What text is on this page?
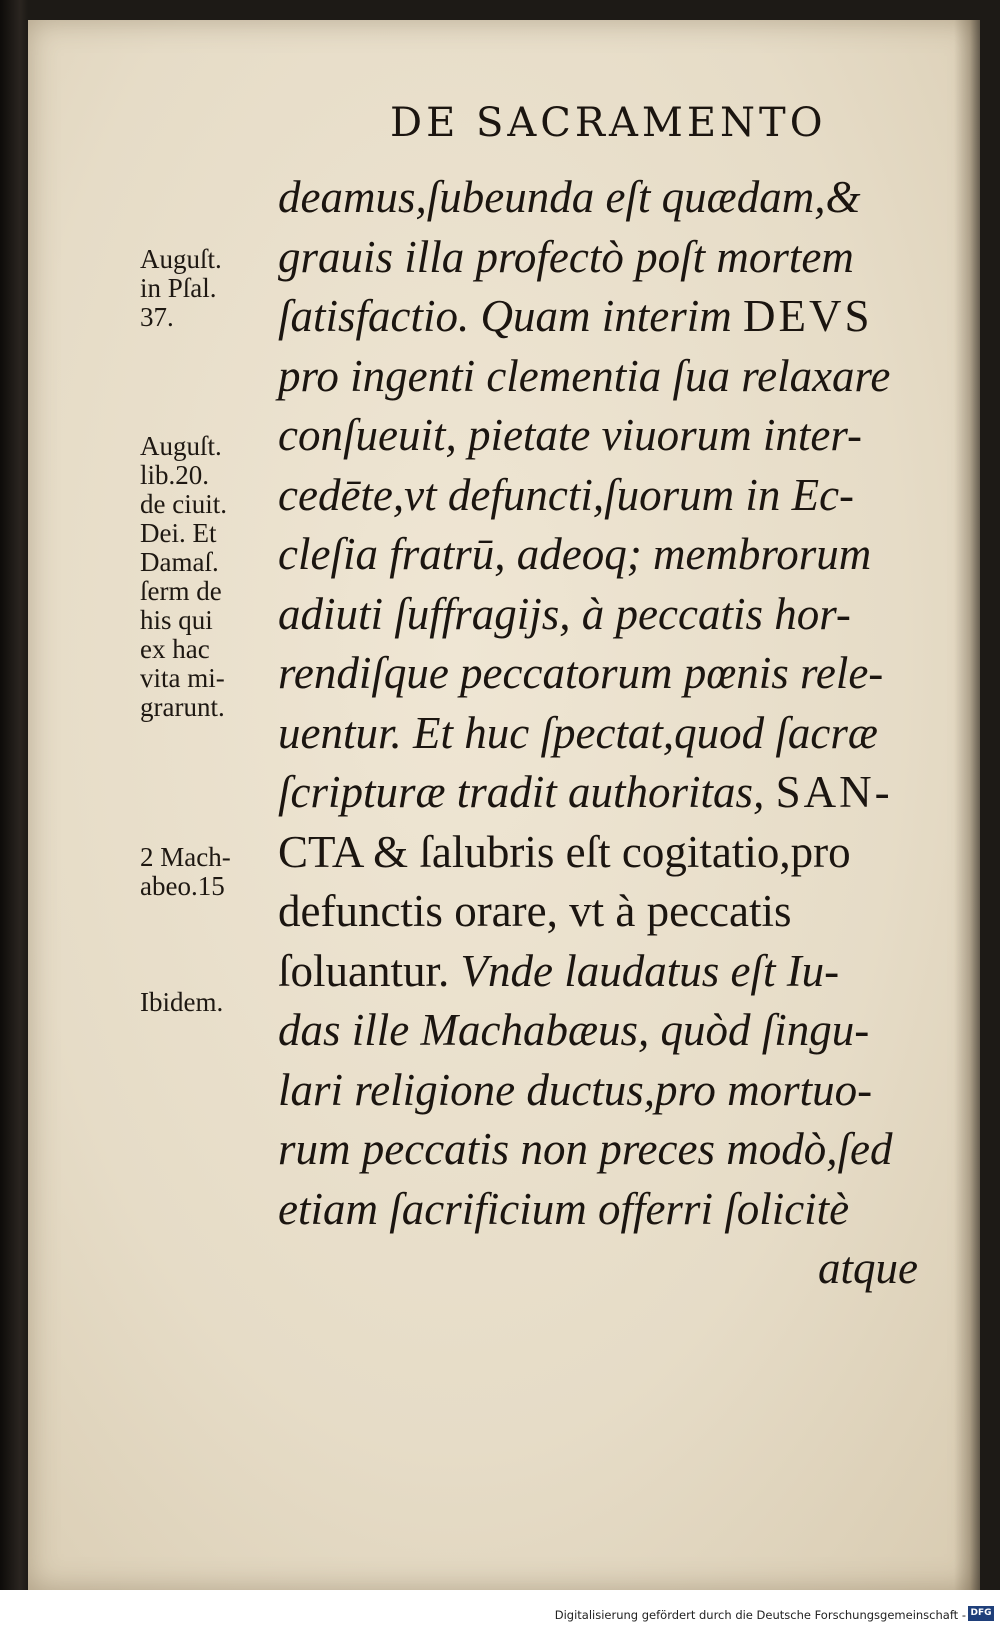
DE SACRAMENTO
deamus,ſubeunda eſt quædam,&
grauis illa profectò poſt mortem
ſatisfactio. Quam interim DEVS
pro ingenti clementia ſua relaxare
conſueuit, pietate viuorum inter-
cedēte,vt defuncti,ſuorum in Ec-
cleſia fratrū, adeoq; membrorum
adiuti ſuffragijs, à peccatis hor-
rendiſque peccatorum pœnis rele-
uentur. Et huc ſpectat,quod ſacræ
ſcripturæ tradit authoritas, SAN-
CTA & ſalubris eſt cogitatio,pro
defunctis orare, vt à peccatis
ſoluantur. Vnde laudatus eſt Iu-
das ille Machabæus, quòd ſingu-
lari religione ductus,pro mortuo-
rum peccatis non preces modò,ſed
etiam ſacrificium offerri ſolicitè
atque
Auguſt.
in Pſal.
37.
Auguſt.
lib.20.
de ciuit.
Dei. Et
Damaſ.
ſerm de
his qui
ex hac
vita mi-
grarunt.
2 Mach-
abeo.15
Ibidem.
Digitalisierung gefördert durch die Deutsche Forschungsgemeinschaft - DFG
